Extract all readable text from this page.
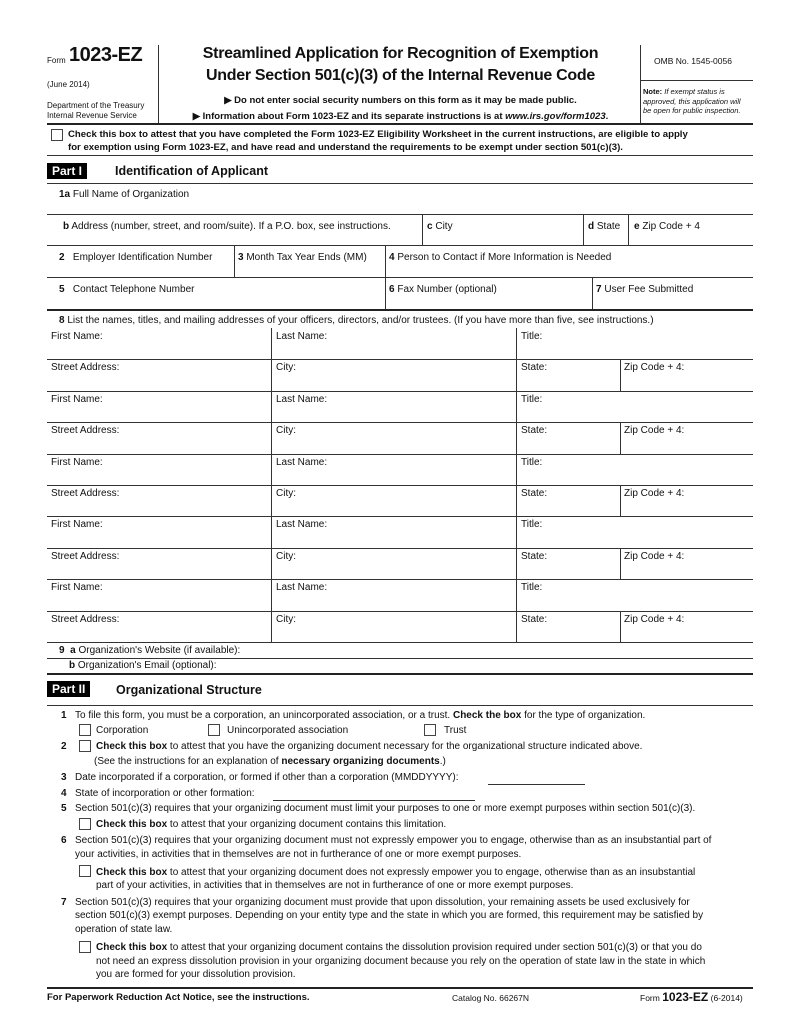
Form 1023-EZ
(June 2014)
Department of the Treasury
Internal Revenue Service
Streamlined Application for Recognition of Exemption
Under Section 501(c)(3) of the Internal Revenue Code
▶ Do not enter social security numbers on this form as it may be made public.
▶ Information about Form 1023-EZ and its separate instructions is at www.irs.gov/form1023.
OMB No. 1545-0056
Note: If exempt status is
approved, this application will
be open for public inspection.
Check this box to attest that you have completed the Form 1023-EZ Eligibility Worksheet in the current instructions, are eligible to apply
for exemption using Form 1023-EZ, and have read and understand the requirements to be exempt under section 501(c)(3).
Part I	Identification of Applicant
1a Full Name of Organization
b Address (number, street, and room/suite). If a P.O. box, see instructions.	c City	d State e Zip Code + 4
2 Employer Identification Number	3 Month Tax Year Ends (MM) 4 Person to Contact if More Information is Needed
5 Contact Telephone Number	6 Fax Number (optional)	7 User Fee Submitted
8 List the names, titles, and mailing addresses of your officers, directors, and/or trustees. (If you have more than five, see instructions.)
First Name:	Last Name:	Title:
Street Address:	City:	State:	Zip Code + 4:
First Name:	Last Name:	Title:
Street Address:	City:	State:	Zip Code + 4:
First Name:	Last Name:	Title:
Street Address:	City:	State:	Zip Code + 4:
First Name:	Last Name:	Title:
Street Address:	City:	State:	Zip Code + 4:
First Name:	Last Name:	Title:
Street Address:	City:	State:	Zip Code + 4:
9 a Organization's Website (if available):
b Organization's Email (optional):
Part II	Organizational Structure
1 To file this form, you must be a corporation, an unincorporated association, or a trust. Check the box for the type of organization.
Corporation	Unincorporated association	Trust
2	Check this box to attest that you have the organizing document necessary for the organizational structure indicated above.
(See the instructions for an explanation of necessary organizing documents.)
3 Date incorporated if a corporation, or formed if other than a corporation (MMDDYYYY):
4 State of incorporation or other formation:
5 Section 501(c)(3) requires that your organizing document must limit your purposes to one or more exempt purposes within section 501(c)(3).
Check this box to attest that your organizing document contains this limitation.
6 Section 501(c)(3) requires that your organizing document must not expressly empower you to engage, otherwise than as an insubstantial part of
your activities, in activities that in themselves are not in furtherance of one or more exempt purposes.
Check this box to attest that your organizing document does not expressly empower you to engage, otherwise than as an insubstantial
part of your activities, in activities that in themselves are not in furtherance of one or more exempt purposes.
7 Section 501(c)(3) requires that your organizing document must provide that upon dissolution, your remaining assets be used exclusively for
section 501(c)(3) exempt purposes. Depending on your entity type and the state in which you are formed, this requirement may be satisfied by
operation of state law.
Check this box to attest that your organizing document contains the dissolution provision required under section 501(c)(3) or that you do
not need an express dissolution provision in your organizing document because you rely on the operation of state law in the state in which
you are formed for your dissolution provision.
For Paperwork Reduction Act Notice, see the instructions.	Catalog No. 66267N	Form 1023-EZ (6-2014)
